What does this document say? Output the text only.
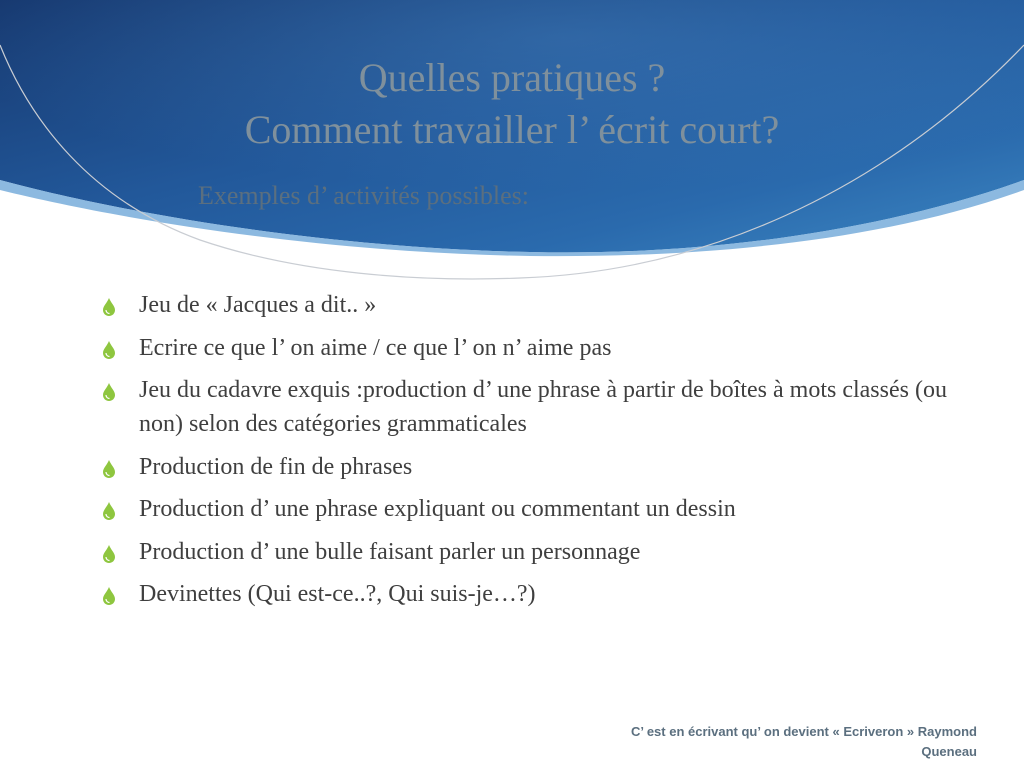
Quelles pratiques ?
Comment travailler l’ écrit court?
Exemples d’ activités possibles:
Jeu de « Jacques a dit.. »
Ecrire ce que l’ on aime / ce que l’ on n’ aime pas
Jeu du cadavre exquis :production d’ une phrase à partir de boîtes à mots classés (ou non) selon des catégories grammaticales
Production de fin de phrases
Production d’ une phrase expliquant ou commentant un dessin
Production d’ une bulle faisant parler un personnage
Devinettes (Qui est-ce..?, Qui suis-je…?)

C’ est en écrivant qu’ on devient « Ecriveron » Raymond
Queneau
